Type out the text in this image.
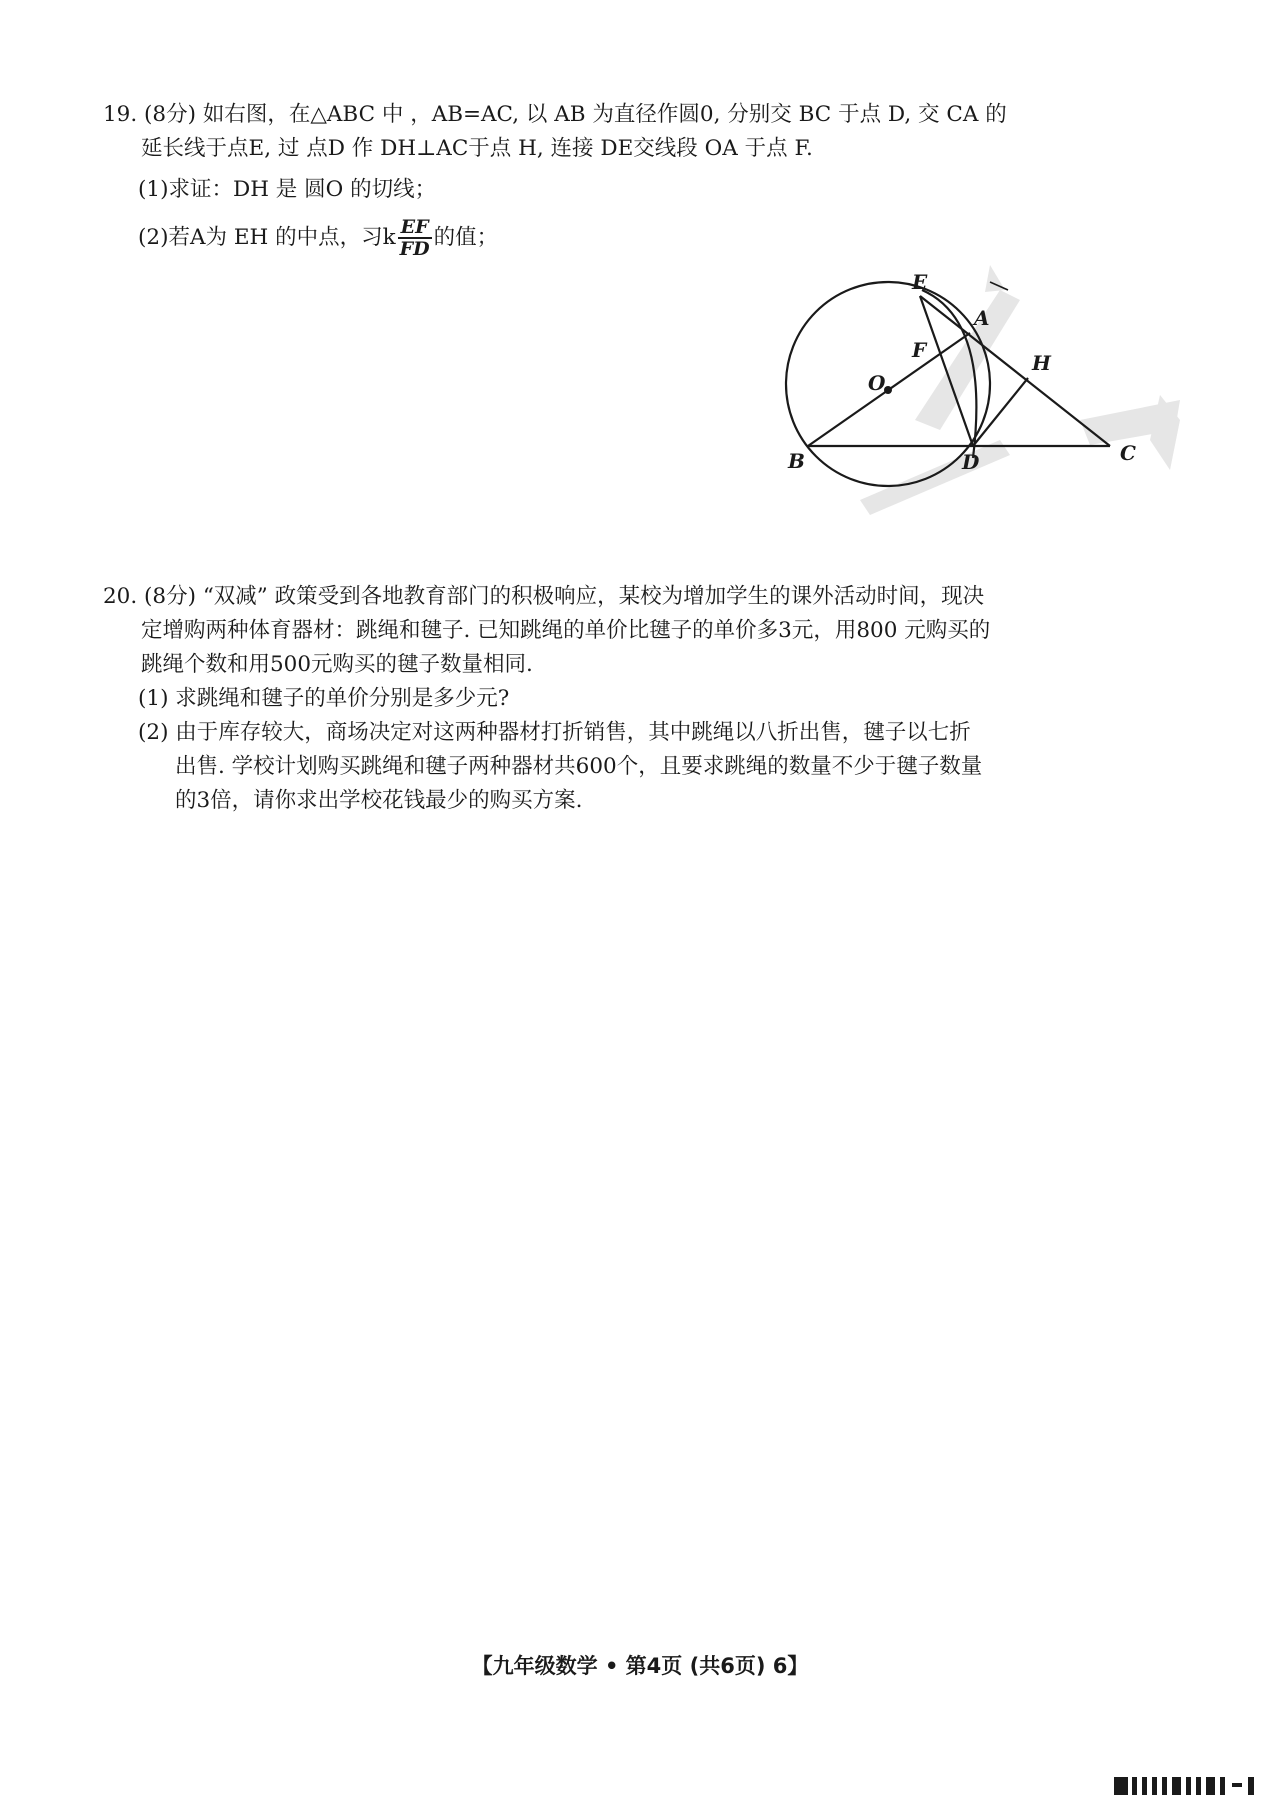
19. (8分) 如右图，在△ABC 中 ，AB=AC, 以 AB 为直径作圆0, 分别交 BC 于点 D, 交 CA 的
延长线于点E, 过 点D 作 DH⊥AC于点 H, 连接 DE交线段 OA 于点 F.
(1)求证：DH 是 圆O 的切线；
(2)若A为 EH 的中点，习k $\frac{EF}{FD}$ 的值；
E
A
F
O
H
B	D	C
20. (8分) “双减” 政策受到各地教育部门的积极响应，某校为增加学生的课外活动时间，现决
定增购两种体育器材：跳绳和毽子. 已知跳绳的单价比毽子的单价多3元，用800 元购买的
跳绳个数和用500元购买的毽子数量相同.
(1) 求跳绳和毽子的单价分别是多少元?
(2) 由于库存较大，商场决定对这两种器材打折销售，其中跳绳以八折出售，毽子以七折
出售. 学校计划购买跳绳和毽子两种器材共600个，且要求跳绳的数量不少于毽子数量
的3倍，请你求出学校花钱最少的购买方案.
【九年级数学 • 第4页 (共6页) 6】
